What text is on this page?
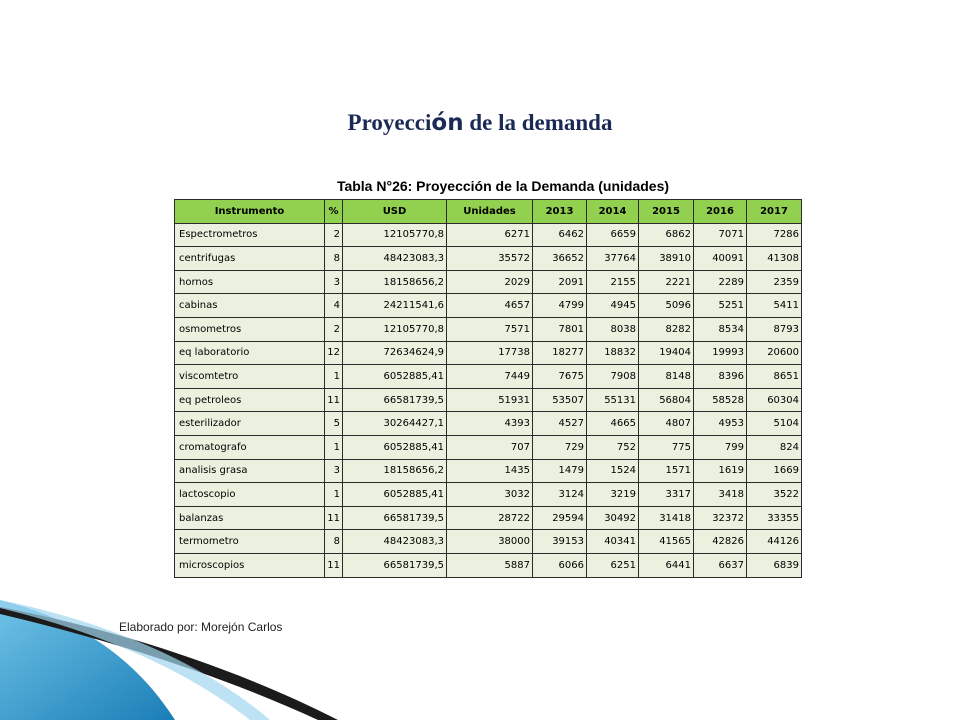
Proyección de la demanda
Tabla N°26: Proyección de la Demanda (unidades)
Instrumento	%	USD	Unidades	2013	2014	2015	2016	2017
Espectrometros	2	12105770,8	6271	6462	6659	6862	7071	7286
centrifugas	8	48423083,3	35572	36652	37764	38910	40091	41308
hornos	3	18158656,2	2029	2091	2155	2221	2289	2359
cabinas	4	24211541,6	4657	4799	4945	5096	5251	5411
osmometros	2	12105770,8	7571	7801	8038	8282	8534	8793
eq laboratorio	12	72634624,9	17738	18277	18832	19404	19993	20600
viscomtetro	1	6052885,41	7449	7675	7908	8148	8396	8651
eq petroleos	11	66581739,5	51931	53507	55131	56804	58528	60304
esterilizador	5	30264427,1	4393	4527	4665	4807	4953	5104
cromatografo	1	6052885,41	707	729	752	775	799	824
analisis grasa	3	18158656,2	1435	1479	1524	1571	1619	1669
lactoscopio	1	6052885,41	3032	3124	3219	3317	3418	3522
balanzas	11	66581739,5	28722	29594	30492	31418	32372	33355
termometro	8	48423083,3	38000	39153	40341	41565	42826	44126
microscopios	11	66581739,5	5887	6066	6251	6441	6637	6839
Elaborado por: Morejón Carlos
